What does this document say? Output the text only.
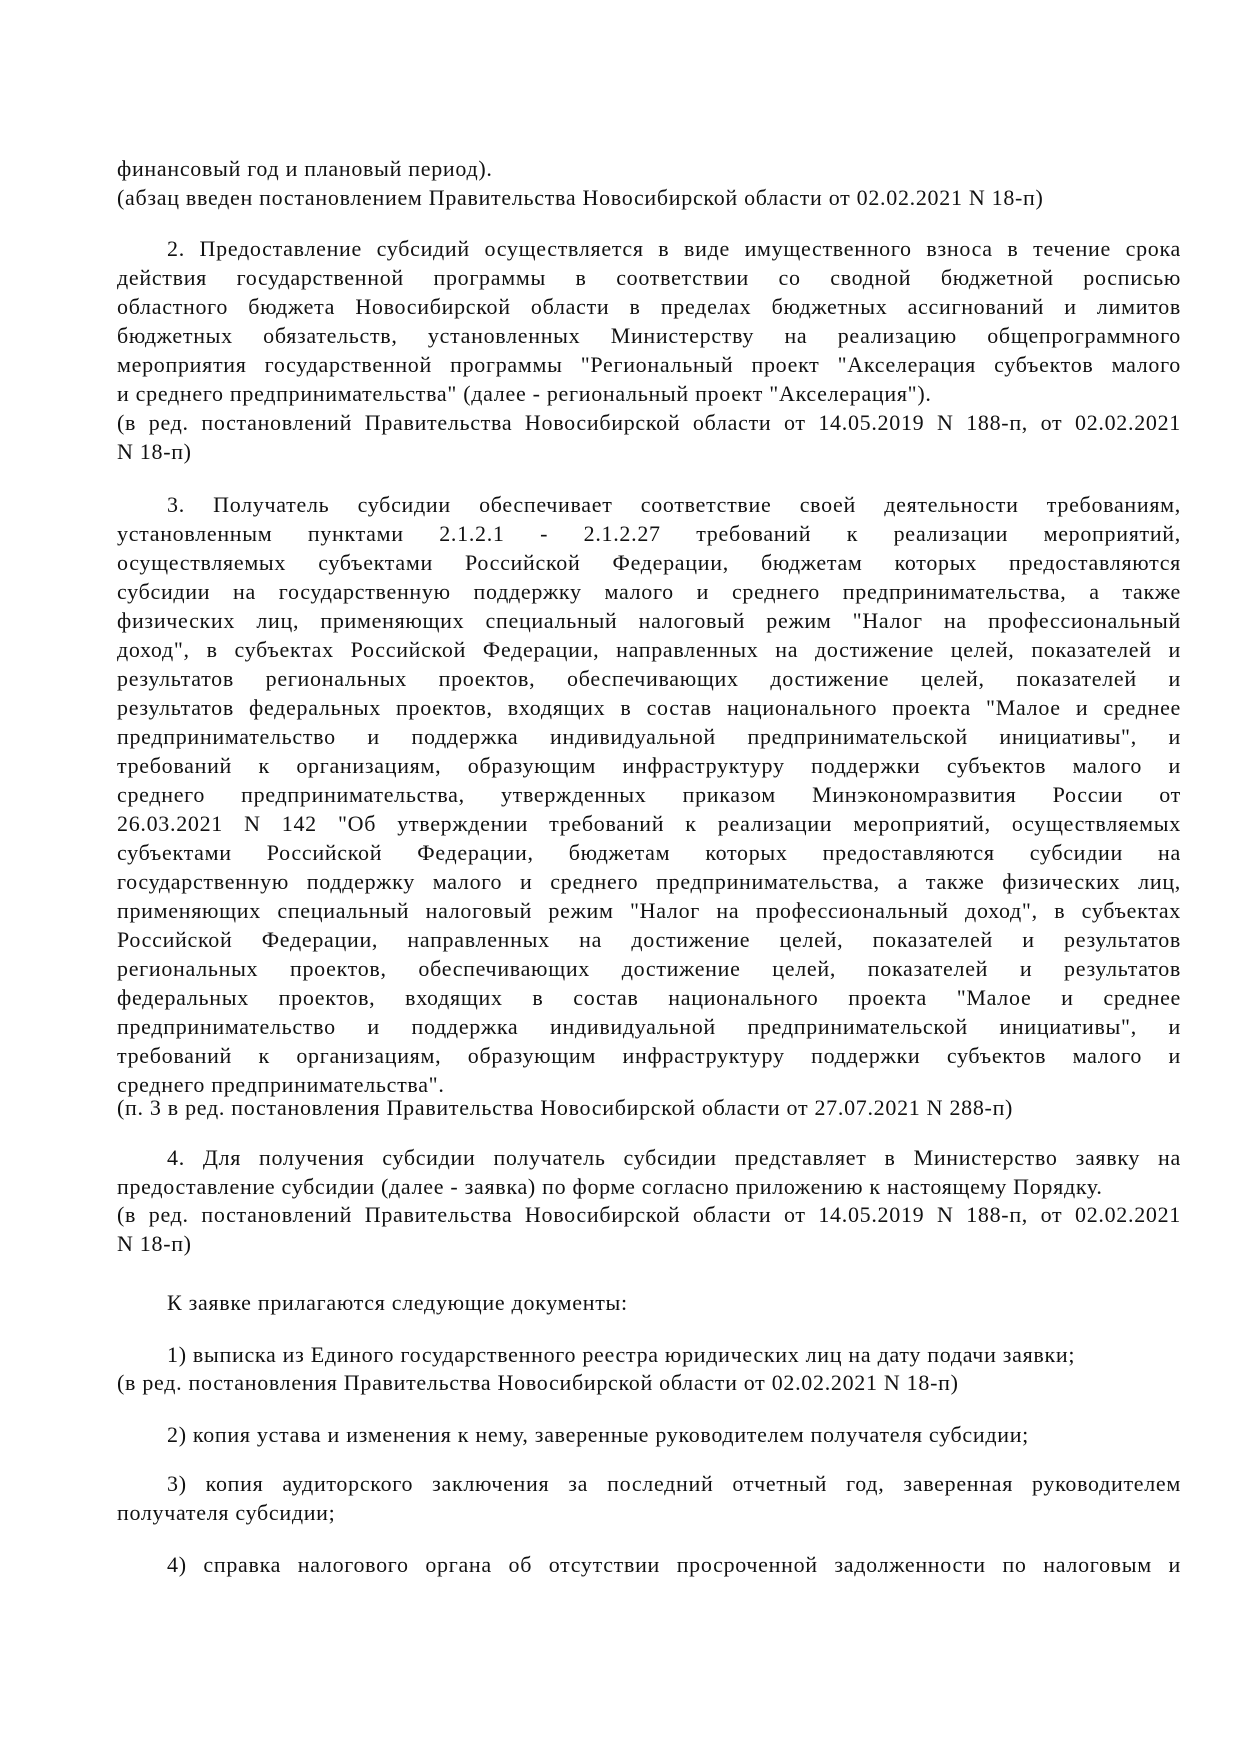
финансовый год и плановый период).
(абзац введен постановлением Правительства Новосибирской области от 02.02.2021 N 18-п)
2. Предоставление субсидий осуществляется в виде имущественного взноса в течение срока
действия государственной программы в соответствии со сводной бюджетной росписью
областного бюджета Новосибирской области в пределах бюджетных ассигнований и лимитов
бюджетных обязательств, установленных Министерству на реализацию общепрограммного
мероприятия государственной программы "Региональный проект "Акселерация субъектов малого
и среднего предпринимательства" (далее - региональный проект "Акселерация").
(в ред. постановлений Правительства Новосибирской области от 14.05.2019 N 188-п, от 02.02.2021
N 18-п)
3. Получатель субсидии обеспечивает соответствие своей деятельности требованиям,
установленным пунктами 2.1.2.1 - 2.1.2.27 требований к реализации мероприятий,
осуществляемых субъектами Российской Федерации, бюджетам которых предоставляются
субсидии на государственную поддержку малого и среднего предпринимательства, а также
физических лиц, применяющих специальный налоговый режим "Налог на профессиональный
доход", в субъектах Российской Федерации, направленных на достижение целей, показателей и
результатов региональных проектов, обеспечивающих достижение целей, показателей и
результатов федеральных проектов, входящих в состав национального проекта "Малое и среднее
предпринимательство и поддержка индивидуальной предпринимательской инициативы", и
требований к организациям, образующим инфраструктуру поддержки субъектов малого и
среднего предпринимательства, утвержденных приказом Минэкономразвития России от
26.03.2021 N 142 "Об утверждении требований к реализации мероприятий, осуществляемых
субъектами Российской Федерации, бюджетам которых предоставляются субсидии на
государственную поддержку малого и среднего предпринимательства, а также физических лиц,
применяющих специальный налоговый режим "Налог на профессиональный доход", в субъектах
Российской Федерации, направленных на достижение целей, показателей и результатов
региональных проектов, обеспечивающих достижение целей, показателей и результатов
федеральных проектов, входящих в состав национального проекта "Малое и среднее
предпринимательство и поддержка индивидуальной предпринимательской инициативы", и
требований к организациям, образующим инфраструктуру поддержки субъектов малого и
среднего предпринимательства".
(п. 3 в ред. постановления Правительства Новосибирской области от 27.07.2021 N 288-п)
4. Для получения субсидии получатель субсидии представляет в Министерство заявку на
предоставление субсидии (далее - заявка) по форме согласно приложению к настоящему Порядку.
(в ред. постановлений Правительства Новосибирской области от 14.05.2019 N 188-п, от 02.02.2021
N 18-п)
К заявке прилагаются следующие документы:
1) выписка из Единого государственного реестра юридических лиц на дату подачи заявки;
(в ред. постановления Правительства Новосибирской области от 02.02.2021 N 18-п)
2) копия устава и изменения к нему, заверенные руководителем получателя субсидии;
3) копия аудиторского заключения за последний отчетный год, заверенная руководителем
получателя субсидии;
4) справка налогового органа об отсутствии просроченной задолженности по налоговым и
